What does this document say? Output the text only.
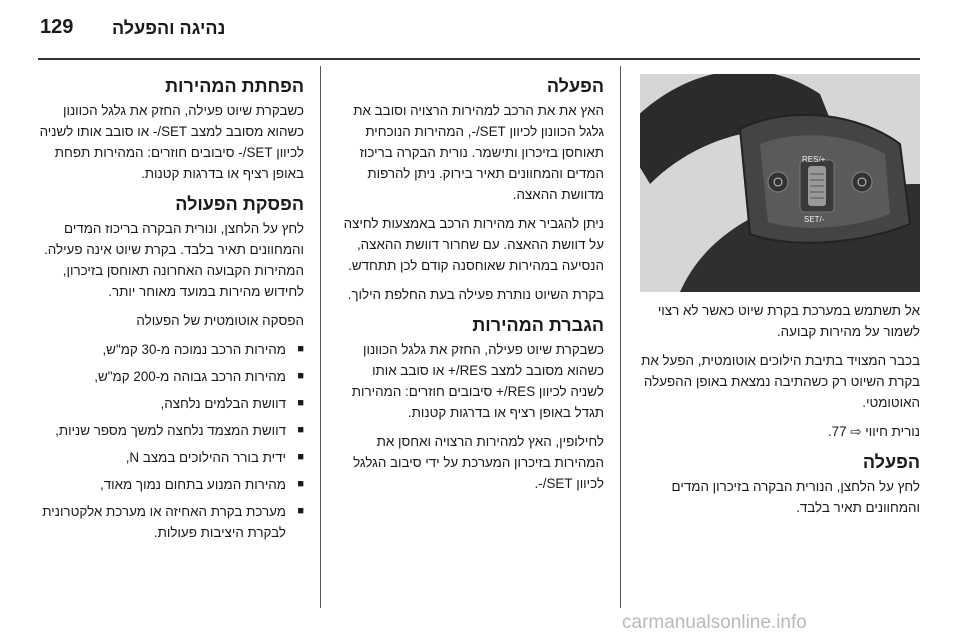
129 נהיגה והפעלה
RES/+
SET/-

אל תשתמש במערכת בקרת שיוט כאשר לא רצוי לשמור על מהירות קבועה.

בכבר המצויד בתיבת הילוכים אוטומטית, הפעל את בקרת השיוט רק כשהתיבה נמצאת באופן ההפעלה האוטומטי.

נורית חיווי ⇨ 77.

הפעלה

לחץ על הלחצן, הנורית הבקרה בזיכרון המדים והמחוונים תאיר בלבד.

הפעלה

האץ את את הרכב למהירות הרצויה וסובב את גלגל הכוונון לכיוון SET/-, המהירות הנוכחית תאוחסן בזיכרון ותישמר. נורית הבקרה בריכוז המדים והמחוונים תאיר בירוק. ניתן להרפות מדוושת ההאצה.

ניתן להגביר את מהירות הרכב באמצעות לחיצה על דוושת ההאצה. עם שחרור דוושת ההאצה, הנסיעה במהירות שאוחסנה קודם לכן תתחדש.

בקרת השיוט נותרת פעילה בעת החלפת הילוך.

הגברת המהירות

כשבקרת שיוט פעילה, החזק את גלגל הכוונון כשהוא מסובב למצב RES/+ או סובב אותו לשניה לכיוון RES/+ סיבובים חוזרים: המהירות תגדל באופן רציף או בדרגות קטנות.

לחילופין, האץ למהירות הרצויה ואחסן את המהירות בזיכרון המערכת על ידי סיבוב הגלגל לכיוון SET/-.

הפחתת המהירות

כשבקרת שיוט פעילה, החזק את גלגל הכוונון כשהוא מסובב למצב SET/- או סובב אותו לשניה לכיוון SET/- סיבובים חוזרים: המהירות תפחת באופן רציף או בדרגות קטנות.

הפסקת הפעולה

לחץ על הלחצן, ונורית הבקרה בריכוז המדים והמחוונים תאיר בלבד. בקרת שיוט אינה פעילה. המהירות הקבועה האחרונה תאוחסן בזיכרון, לחידוש מהירות במועד מאוחר יותר.

הפסקה אוטומטית של הפעולה

■ מהירות הרכב נמוכה מ-30 קמ"ש,
■ מהירות הרכב גבוהה מ-200 קמ"ש,
■ דוושת הבלמים נלחצה,
■ דוושת המצמד נלחצה למשך מספר שניות,
■ ידית בורר ההילוכים במצב N,
■ מהירות המנוע בתחום נמוך מאוד,
■ מערכת בקרת האחיזה או מערכת אלקטרונית לבקרת היציבות פעולות.
carmanualsonline.info
